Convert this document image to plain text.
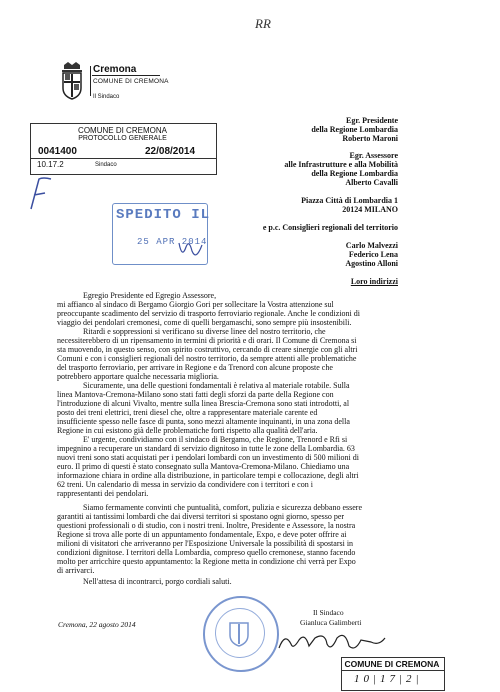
RR
Cremona
COMUNE DI CREMONA
Il Sindaco
COMUNE DI CREMONA
PROTOCOLLO GENERALE
0041400	22/08/2014
10.17.2	Sindaco
SPEDITO IL
25 APR 2014
Egr. Presidente
della Regione Lombardia
Roberto Maroni
Egr. Assessore
alle Infrastrutture e alla Mobilità
della Regione Lombardia
Alberto Cavalli
Piazza Città di Lombardia 1
20124 MILANO
e p.c. Consiglieri regionali del territorio
Carlo Malvezzi
Federico Lena
Agostino Alloni
Loro indirizzi
Egregio Presidente ed Egregio Assessore,
mi affianco al sindaco di Bergamo Giorgio Gori per sollecitare la Vostra attenzione sul
preoccupante scadimento del servizio di trasporto ferroviario regionale. Anche le condizioni di
viaggio dei pendolari cremonesi, come di quelli bergamaschi, sono sempre più insostenibili.
Ritardi e soppressioni si verificano su diverse linee del nostro territorio, che
necessiterebbero di un ripensamento in termini di priorità e di orari. Il Comune di Cremona si
sta muovendo, in questo senso, con spirito costruttivo, cercando di creare sinergie con gli altri
Comuni e con i consiglieri regionali del nostro territorio, da sempre attenti alle problematiche
del trasporto ferroviario, per arrivare in Regione e da Trenord con alcune proposte che
potrebbero apportare qualche necessaria miglioria.
Sicuramente, una delle questioni fondamentali è relativa al materiale rotabile. Sulla
linea Mantova-Cremona-Milano sono stati fatti degli sforzi da parte della Regione con
l'introduzione di alcuni Vivalto, mentre sulla linea Brescia-Cremona sono stati introdotti, al
posto dei treni elettrici, treni diesel che, oltre a rappresentare materiale carente ed
insufficiente spesso nelle fasce di punta, sono mezzi altamente inquinanti, in una zona della
Regione in cui esistono già delle problematiche forti rispetto alla qualità dell'aria.
E' urgente, condividiamo con il sindaco di Bergamo, che Regione, Trenord e Rfi si
impegnino a recuperare un standard di servizio dignitoso in tutte le zone della Lombardia. 63
nuovi treni sono stati acquistati per i pendolari lombardi con un investimento di 500 milioni di
euro. Il primo di questi è stato consegnato sulla Mantova-Cremona-Milano. Chiediamo una
informazione chiara in ordine alla distribuzione, in particolare tempi e collocazione, degli altri
62 treni. Un calendario di messa in servizio da condividere con i territori e con i
rappresentanti dei pendolari.
Siamo fermamente convinti che puntualità, comfort, pulizia e sicurezza debbano essere
garantiti ai tantissimi lombardi che dai diversi territori si spostano ogni giorno, spesso per
questioni professionali o di studio, con i nostri treni. Inoltre, Presidente e Assessore, la nostra
Regione si trova alle porte di un appuntamento fondamentale, Expo, e deve poter offrire ai
milioni di visitatori che arriveranno per l'Esposizione Universale la possibilità di spostarsi in
condizioni dignitose. I territori della Lombardia, compreso quello cremonese, stanno facendo
molto per arricchire questo appuntamento: la Regione metta in condizione chi verrà per Expo
di arrivarci.
Nell'attesa di incontrarci, porgo cordiali saluti.
Cremona, 22 agosto 2014
Il Sindaco
Gianluca Galimberti
COMUNE DI CREMONA
10|17|2|
